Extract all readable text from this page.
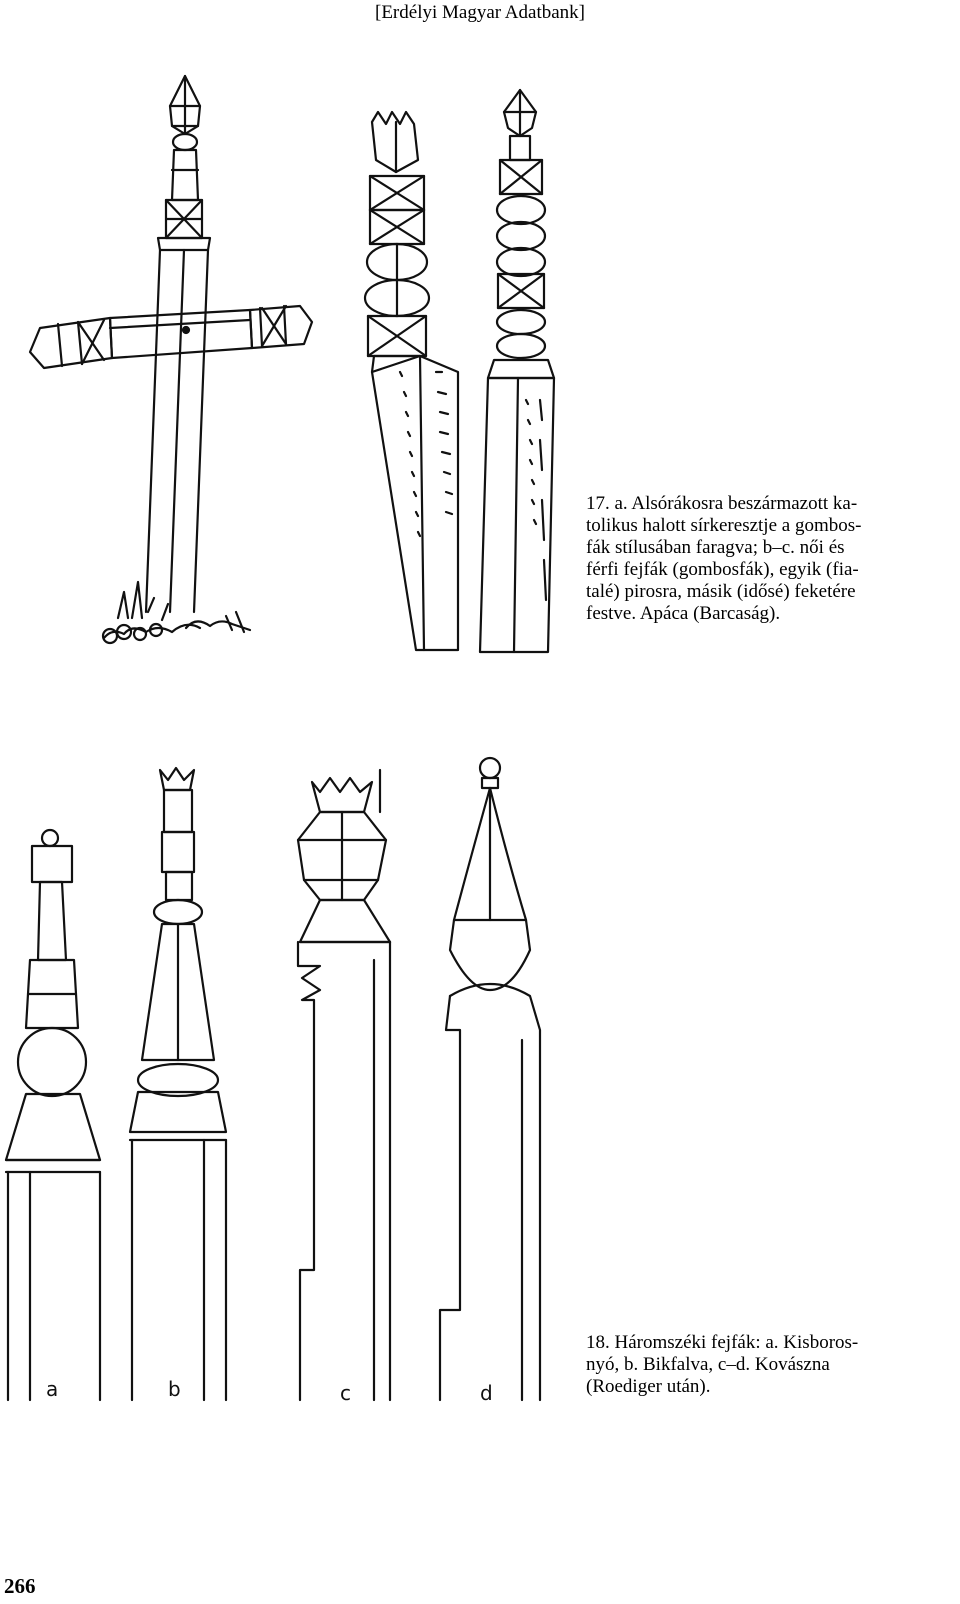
[Erdélyi Magyar Adatbank]
17. a. Alsórákosra beszármazott ka-
tolikus halott sírkeresztje a gombos-
fák stílusában faragva; b–c. női és
férfi fejfák (gombosfák), egyik (fia-
talé) pirosra, másik (idősé) feketére
festve. Apáca (Barcaság).
a	b	c	d
18. Háromszéki fejfák: a. Kisboros-
nyó, b. Bikfalva, c–d. Kovászna
(Roediger után).
266
